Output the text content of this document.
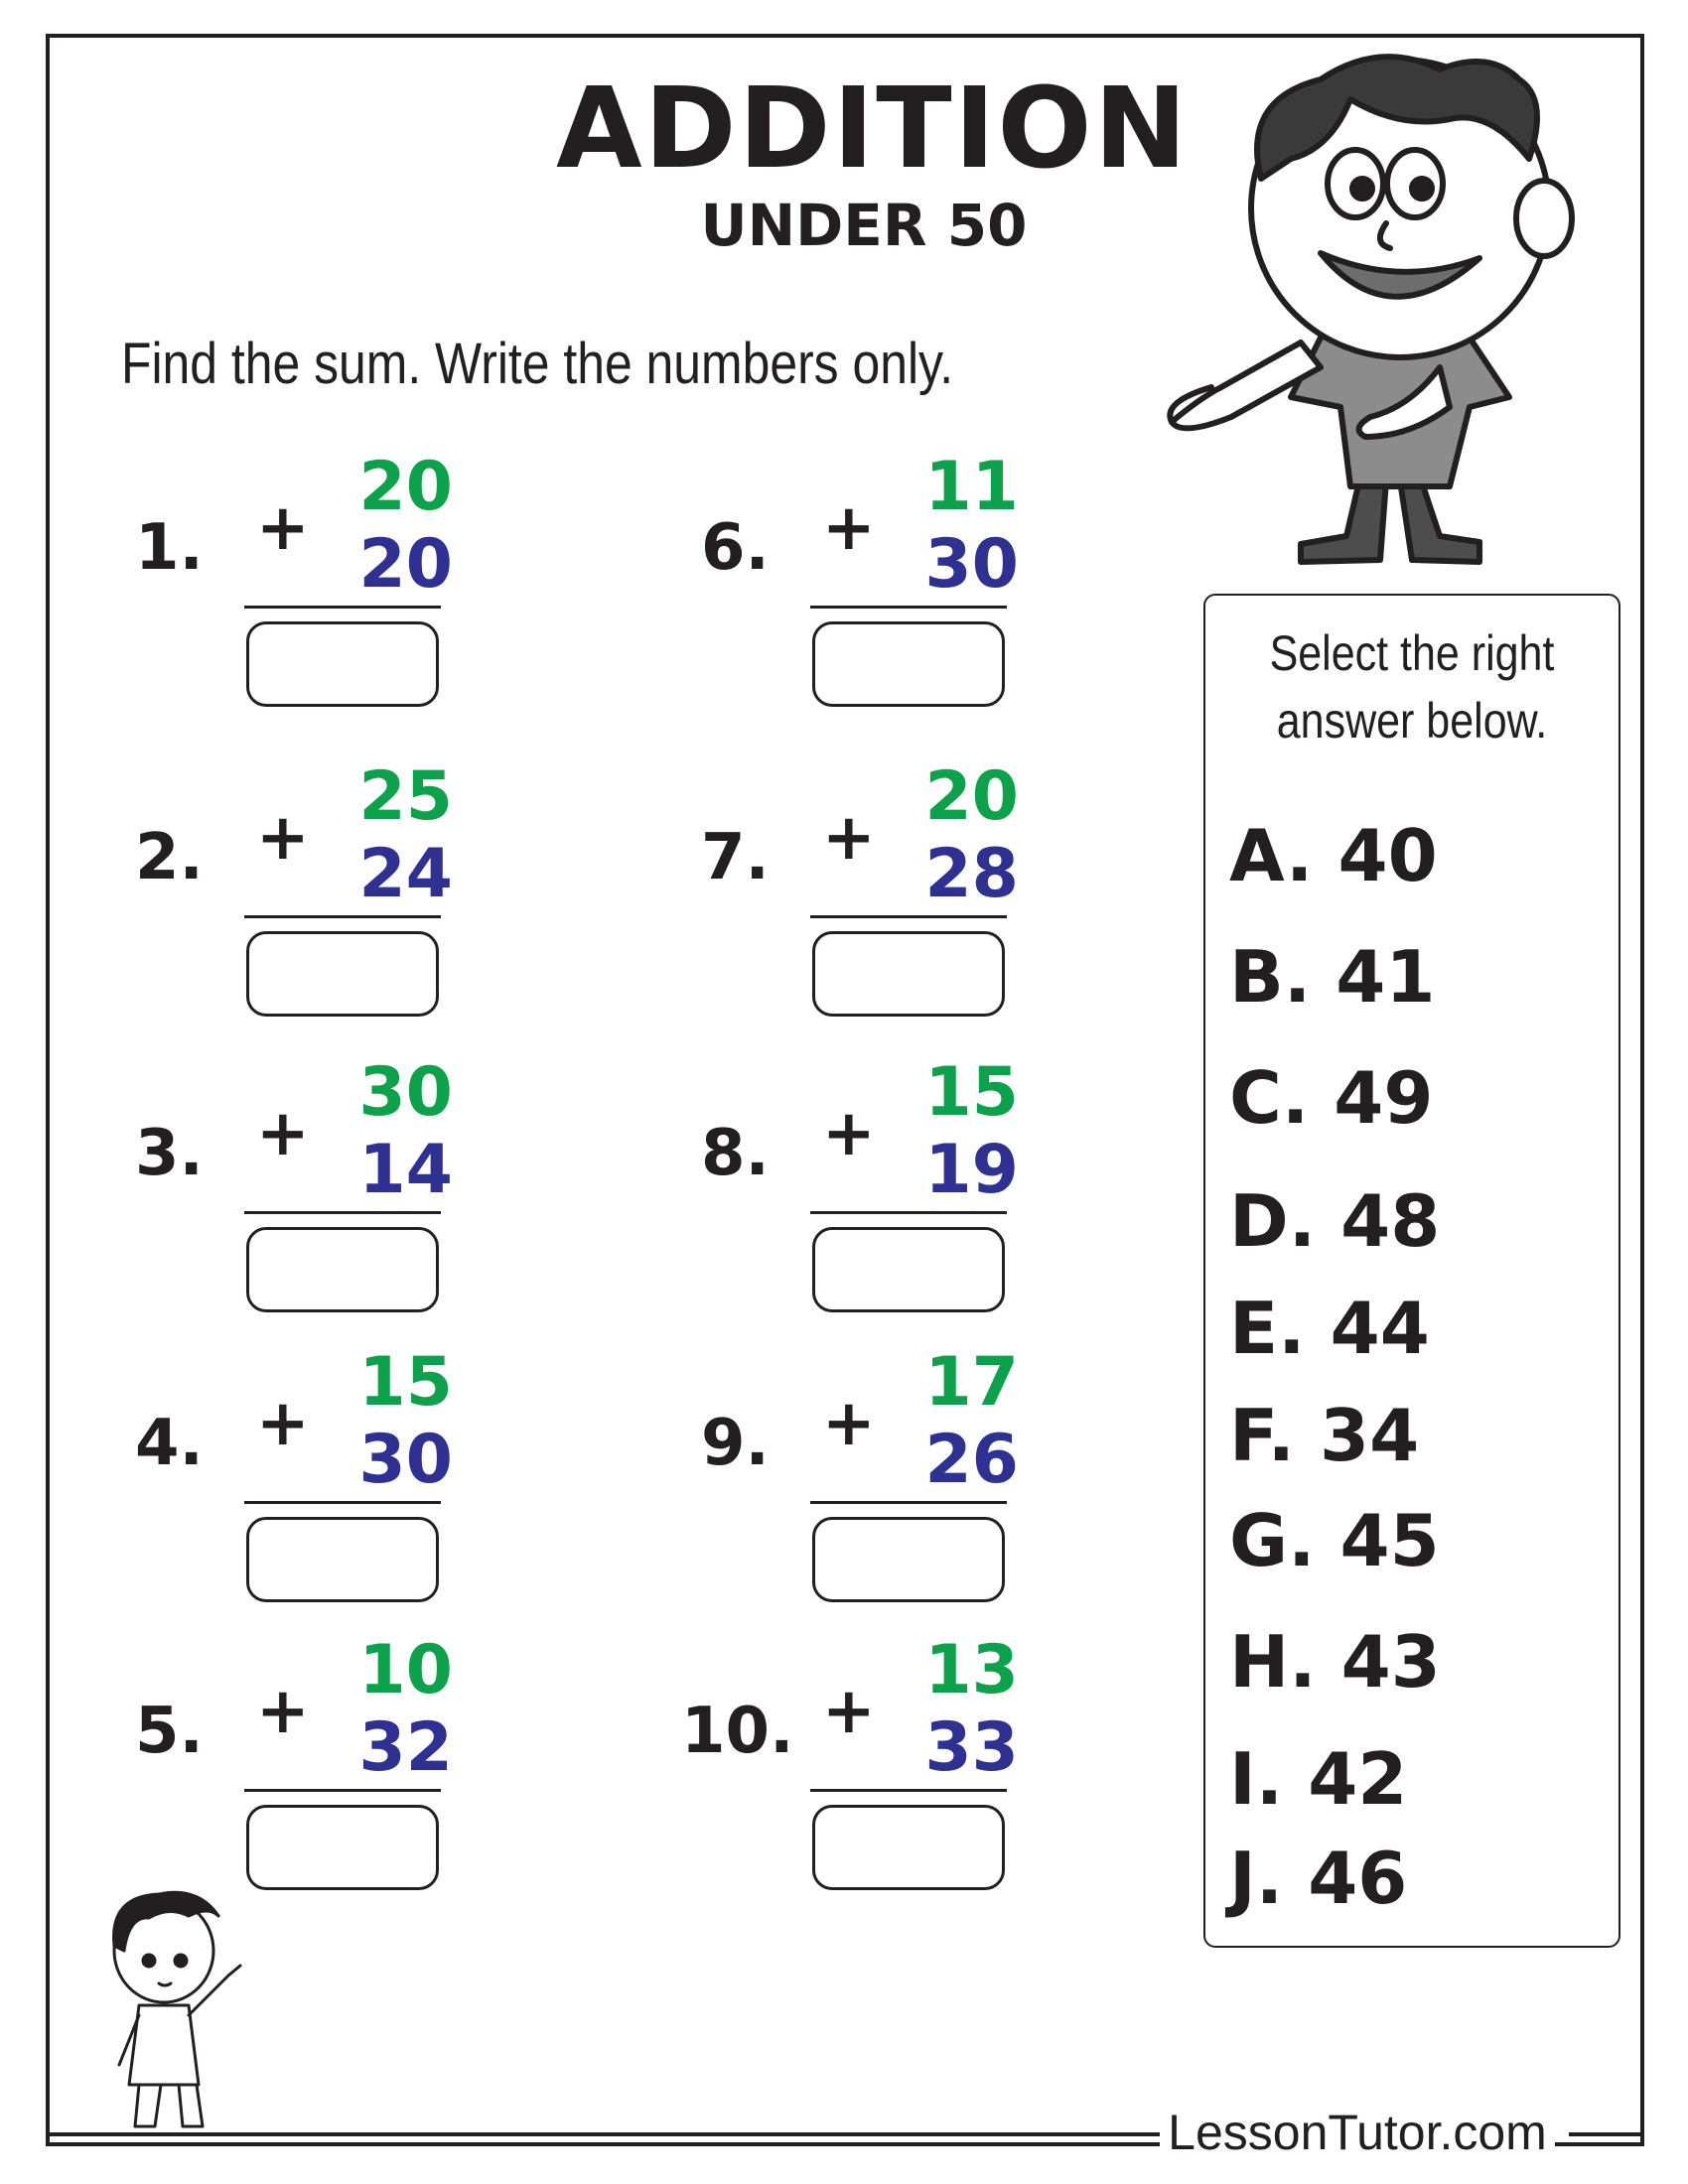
ADDITION
UNDER 50
Find the sum. Write the numbers only.
1. +
20
20
2. +
25
24
3. +
30
14
4. +
15
30
5. +
10
32
6. +
11
30
7. +
20
28
8. +
15
19
9. +
17
26
10. +
13
33
Select the right
answer below.
A. 40
B. 41
C. 49
D. 48
E. 44
F. 34
G. 45
H. 43
I. 42
J. 46
LessonTutor.com
